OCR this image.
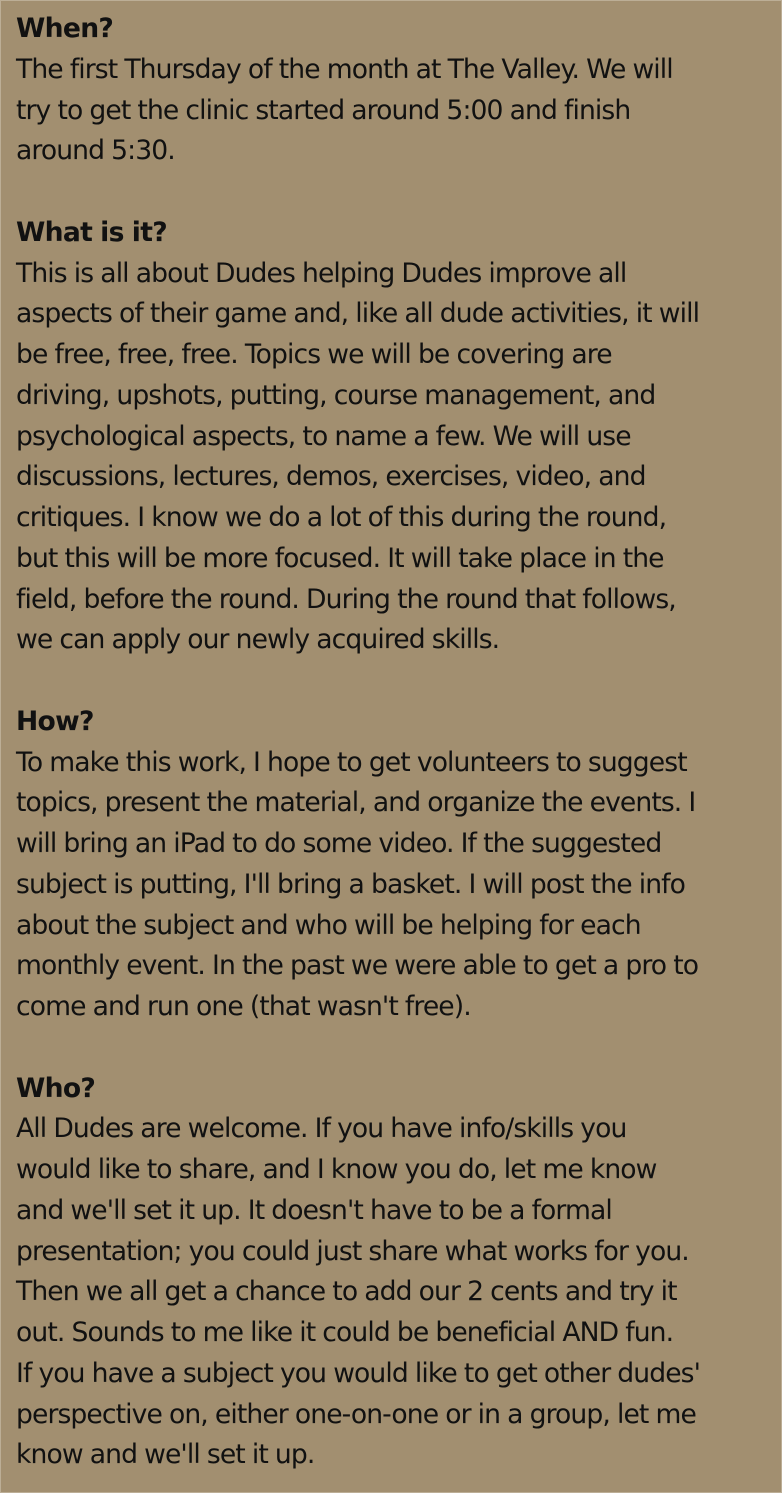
When?
The first Thursday of the month at The Valley. We will
try to get the clinic started around 5:00 and finish
around 5:30.
What is it?
This is all about Dudes helping Dudes improve all
aspects of their game and, like all dude activities, it will
be free, free, free. Topics we will be covering are
driving, upshots, putting, course management, and
psychological aspects, to name a few. We will use
discussions, lectures, demos, exercises, video, and
critiques. I know we do a lot of this during the round,
but this will be more focused. It will take place in the
field, before the round. During the round that follows,
we can apply our newly acquired skills.
How?
To make this work, I hope to get volunteers to suggest
topics, present the material, and organize the events. I
will bring an iPad to do some video. If the suggested
subject is putting, I'll bring a basket. I will post the info
about the subject and who will be helping for each
monthly event. In the past we were able to get a pro to
come and run one (that wasn't free).
Who?
All Dudes are welcome. If you have info/skills you
would like to share, and I know you do, let me know
and we'll set it up. It doesn't have to be a formal
presentation; you could just share what works for you.
Then we all get a chance to add our 2 cents and try it
out. Sounds to me like it could be beneficial AND fun.
If you have a subject you would like to get other dudes'
perspective on, either one-on-one or in a group, let me
know and we'll set it up.
